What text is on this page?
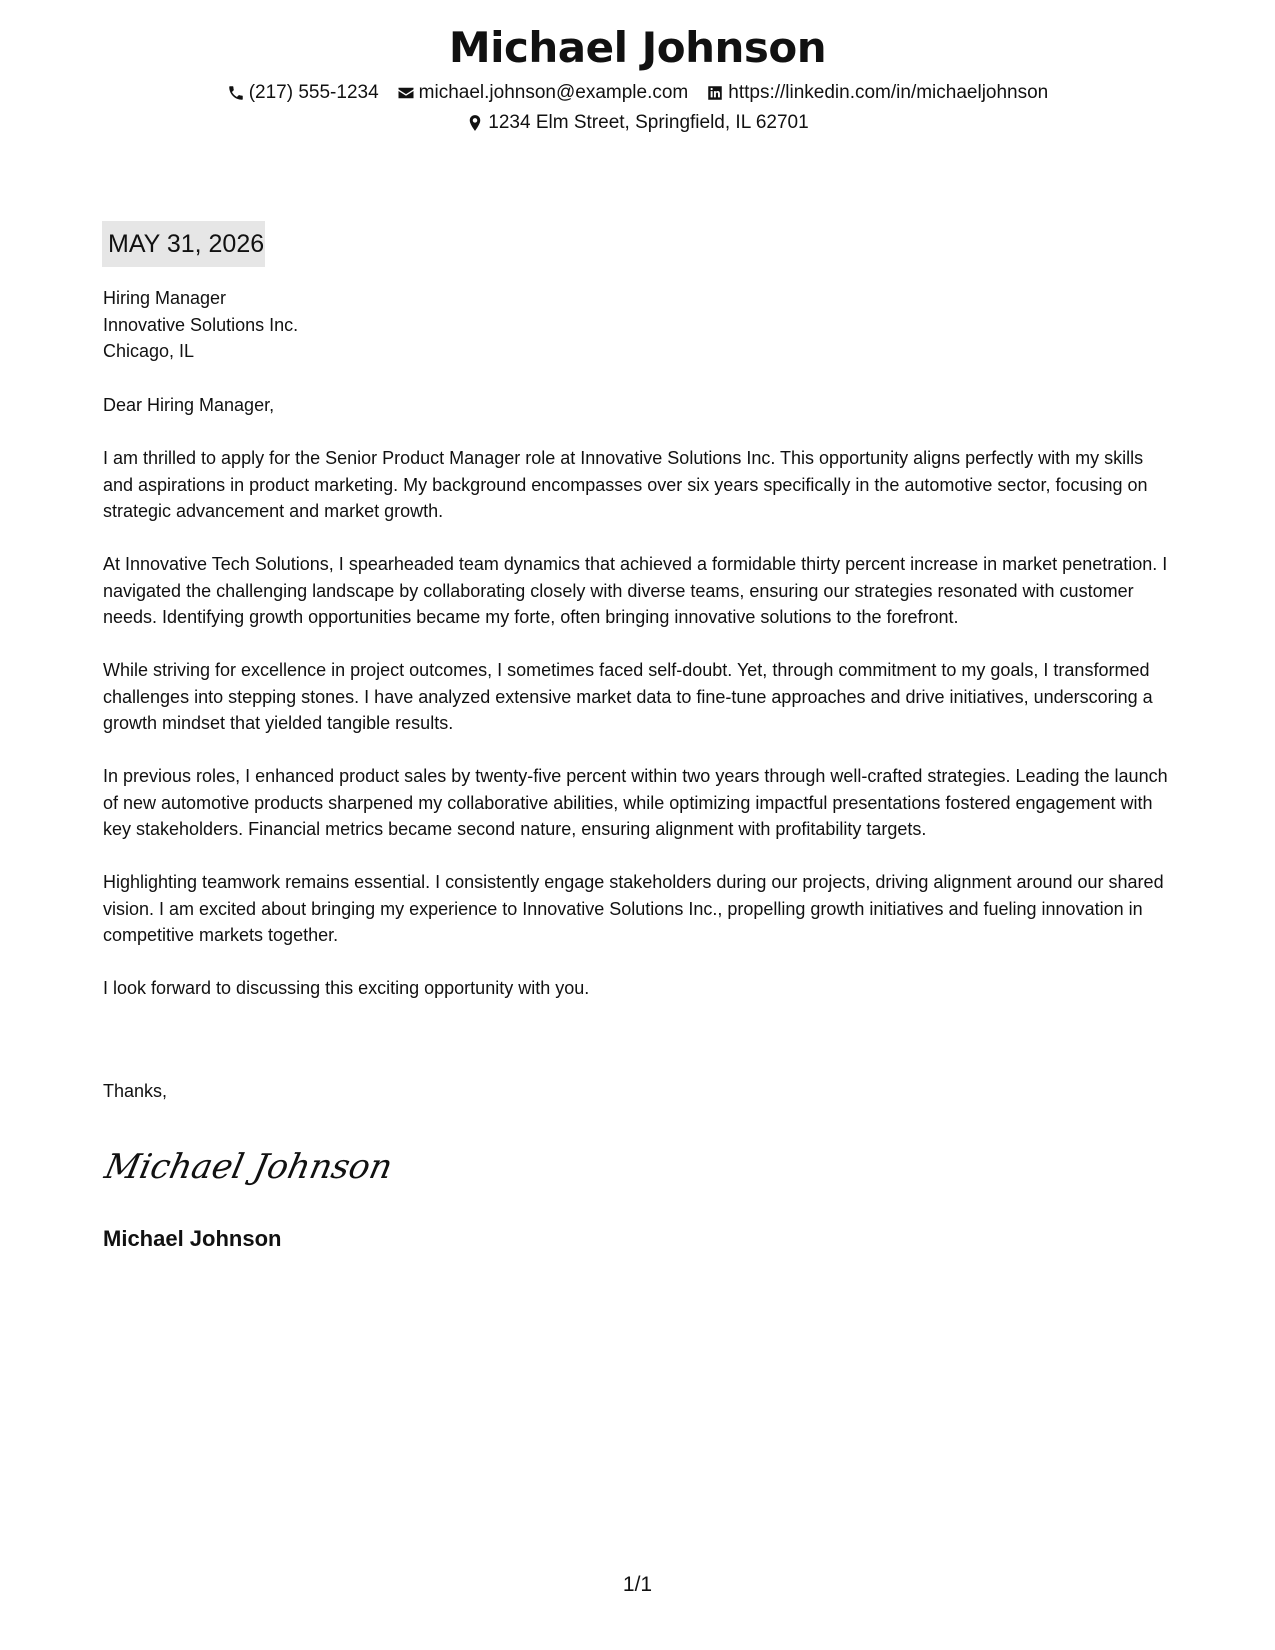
Michael Johnson
(217) 555-1234 michael.johnson@example.com https://linkedin.com/in/michaeljohnson
1234 Elm Street, Springfield, IL 62701
MAY 31, 2026
Hiring Manager
Innovative Solutions Inc.
Chicago, IL

Dear Hiring Manager,

I am thrilled to apply for the Senior Product Manager role at Innovative Solutions Inc. This opportunity aligns perfectly with my skills and aspirations in product marketing. My background encompasses over six years specifically in the automotive sector, focusing on strategic advancement and market growth.

At Innovative Tech Solutions, I spearheaded team dynamics that achieved a formidable thirty percent increase in market penetration. I navigated the challenging landscape by collaborating closely with diverse teams, ensuring our strategies resonated with customer needs. Identifying growth opportunities became my forte, often bringing innovative solutions to the forefront.

While striving for excellence in project outcomes, I sometimes faced self-doubt. Yet, through commitment to my goals, I transformed challenges into stepping stones. I have analyzed extensive market data to fine-tune approaches and drive initiatives, underscoring a growth mindset that yielded tangible results.

In previous roles, I enhanced product sales by twenty-five percent within two years through well-crafted strategies. Leading the launch of new automotive products sharpened my collaborative abilities, while optimizing impactful presentations fostered engagement with key stakeholders. Financial metrics became second nature, ensuring alignment with profitability targets.

Highlighting teamwork remains essential. I consistently engage stakeholders during our projects, driving alignment around our shared vision. I am excited about bringing my experience to Innovative Solutions Inc., propelling growth initiatives and fueling innovation in competitive markets together.

I look forward to discussing this exciting opportunity with you.

Thanks,
Michael Johnson
Michael Johnson
1/1
